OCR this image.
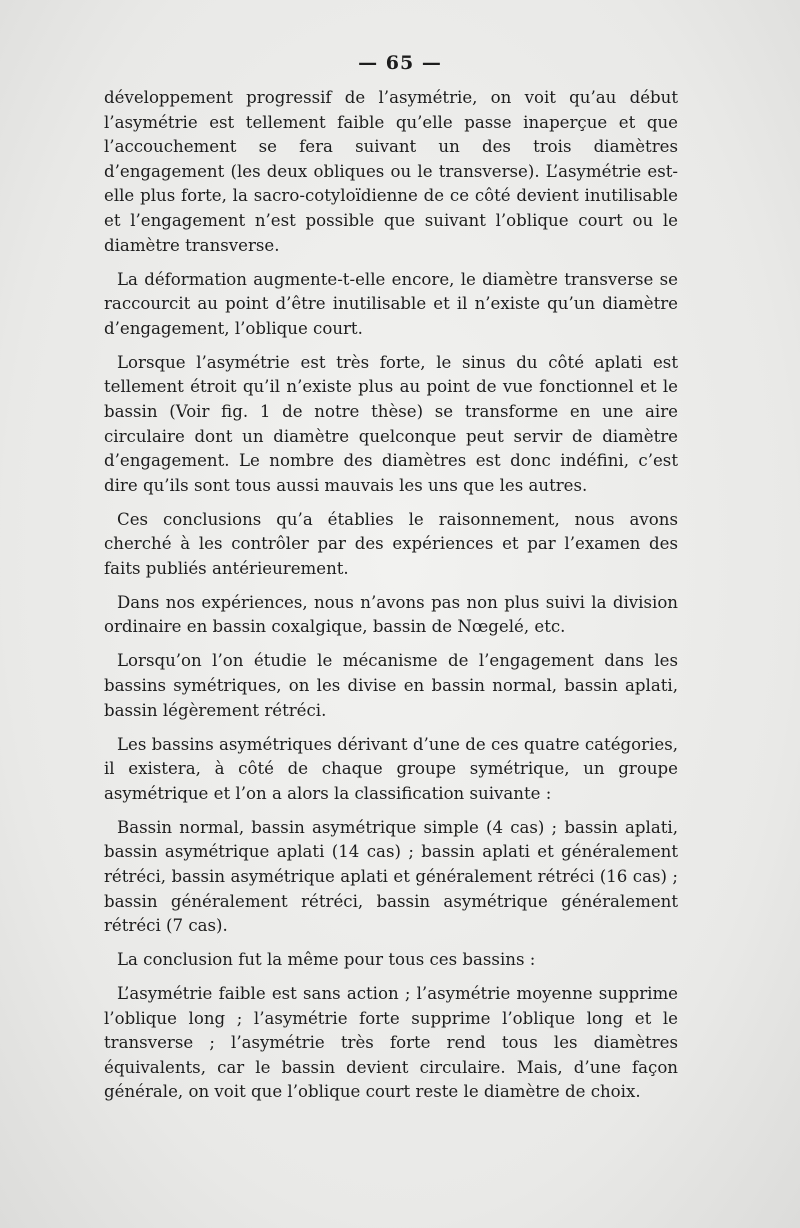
— 65 —

développement progressif de l’asymétrie, on voit qu’au début l’asymétrie est tellement faible qu’elle passe inaperçue et que l’accouchement se fera suivant un des trois diamètres d’engagement (les deux obliques ou le transverse). L’asymétrie est-elle plus forte, la sacro-cotyloïdienne de ce côté devient inutilisable et l’engagement n’est possible que suivant l’oblique court ou le diamètre transverse.

La déformation augmente-t-elle encore, le diamètre transverse se raccourcit au point d’être inutilisable et il n’existe qu’un diamètre d’engagement, l’oblique court.

Lorsque l’asymétrie est très forte, le sinus du côté aplati est tellement étroit qu’il n’existe plus au point de vue fonctionnel et le bassin (Voir fig. 1 de notre thèse) se transforme en une aire circulaire dont un diamètre quelconque peut servir de diamètre d’engagement. Le nombre des diamètres est donc indéfini, c’est dire qu’ils sont tous aussi mauvais les uns que les autres.

Ces conclusions qu’a établies le raisonnement, nous avons cherché à les contrôler par des expériences et par l’examen des faits publiés antérieurement.

Dans nos expériences, nous n’avons pas non plus suivi la division ordinaire en bassin coxalgique, bassin de Nœgelé, etc.

Lorsqu’on l’on étudie le mécanisme de l’engagement dans les bassins symétriques, on les divise en bassin normal, bassin aplati, bassin légèrement rétréci.

Les bassins asymétriques dérivant d’une de ces quatre catégories, il existera, à côté de chaque groupe symétrique, un groupe asymétrique et l’on a alors la classification suivante :

Bassin normal, bassin asymétrique simple (4 cas) ; bassin aplati, bassin asymétrique aplati (14 cas) ; bassin aplati et généralement rétréci, bassin asymétrique aplati et généralement rétréci (16 cas) ; bassin généralement rétréci, bassin asymétrique généralement rétréci (7 cas).

La conclusion fut la même pour tous ces bassins :

L’asymétrie faible est sans action ; l’asymétrie moyenne supprime l’oblique long ; l’asymétrie forte supprime l’oblique long et le transverse ; l’asymétrie très forte rend tous les diamètres équivalents, car le bassin devient circulaire. Mais, d’une façon générale, on voit que l’oblique court reste le diamètre de choix.
